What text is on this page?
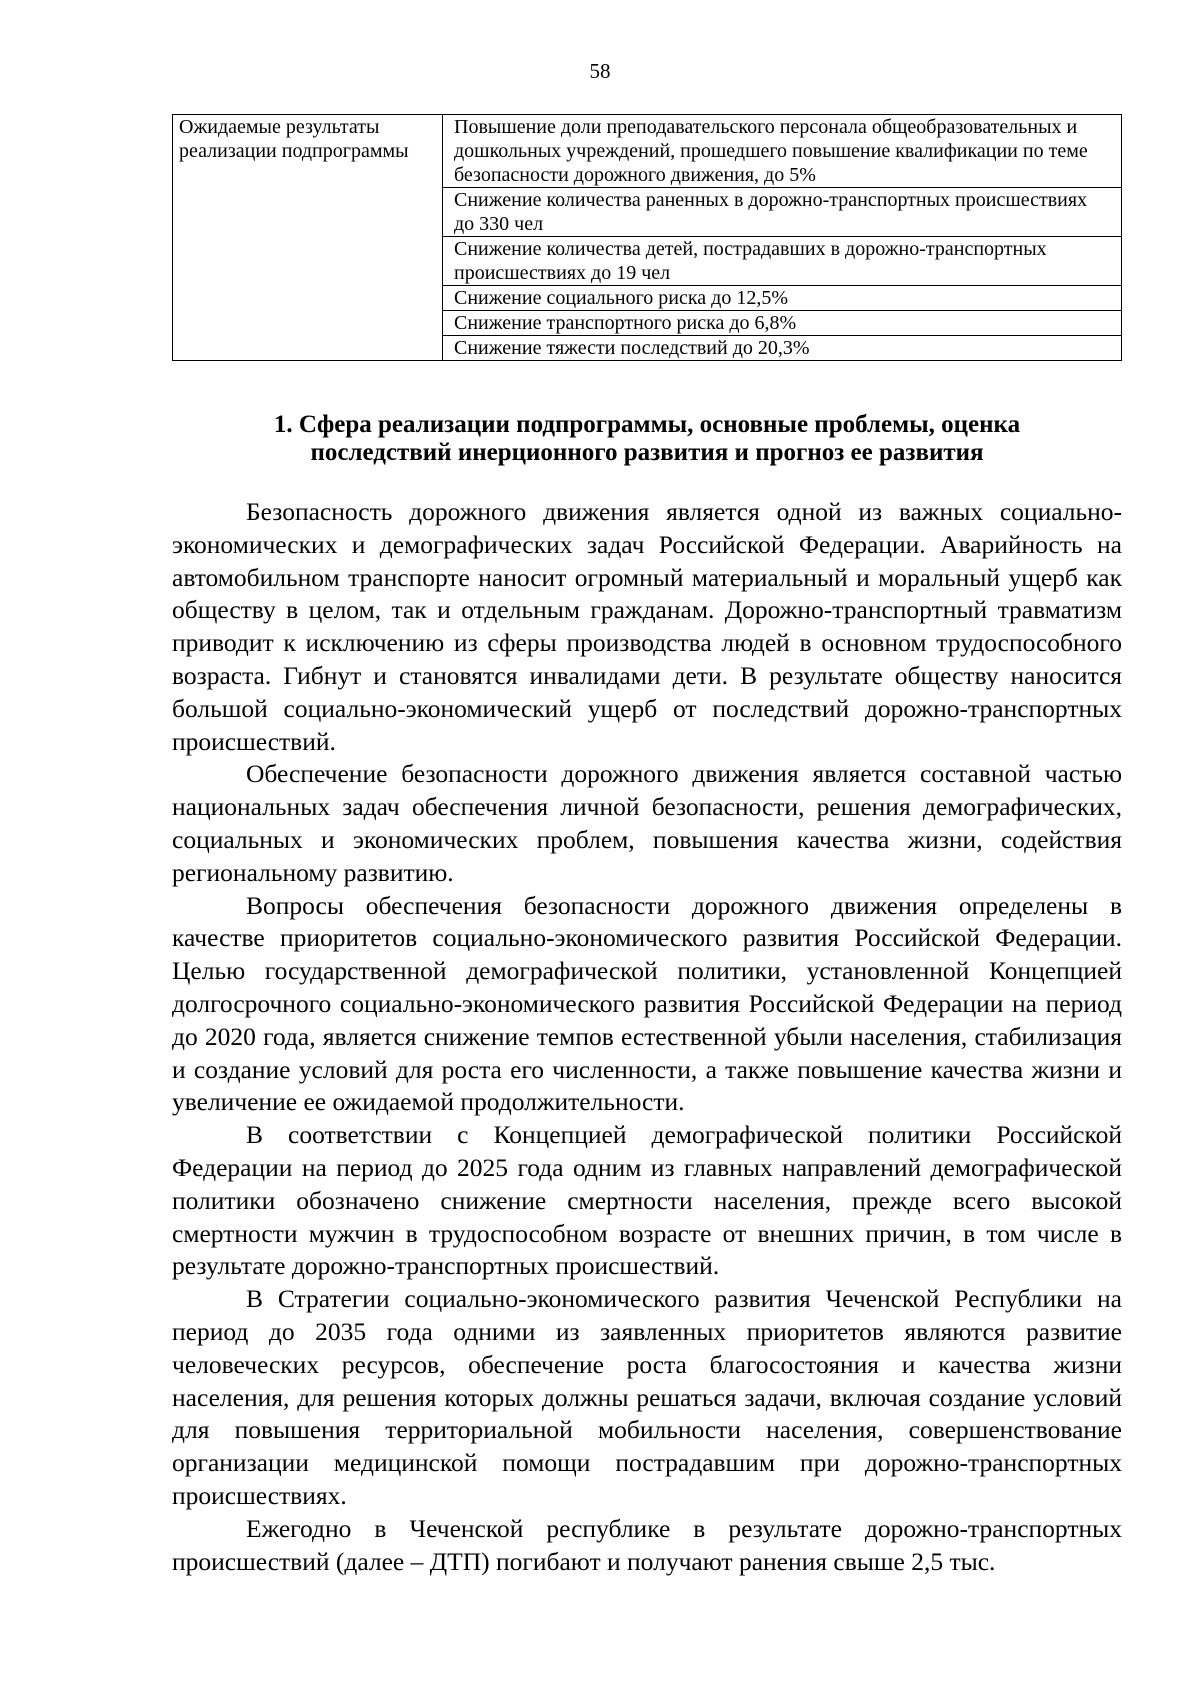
58
Ожидаемые результаты реализации подпрограммы	Повышение доли преподавательского персонала общеобразовательных и дошкольных учреждений, прошедшего повышение квалификации по теме безопасности дорожного движения, до 5%
Снижение количества раненных в дорожно-транспортных происшествиях до 330 чел
Снижение количества детей, пострадавших в дорожно-транспортных происшествиях до 19 чел
Снижение социального риска до 12,5%
Снижение транспортного риска до 6,8%
Снижение тяжести последствий до 20,3%
1. Сфера реализации подпрограммы, основные проблемы, оценка
последствий инерционного развития и прогноз ее развития

Безопасность дорожного движения является одной из важных социально-экономических и демографических задач Российской Федерации. Аварийность на автомобильном транспорте наносит огромный материальный и моральный ущерб как обществу в целом, так и отдельным гражданам. Дорожно-транспортный травматизм приводит к исключению из сферы производства людей в основном трудоспособного возраста. Гибнут и становятся инвалидами дети. В результате обществу наносится большой социально-экономический ущерб от последствий дорожно-транспортных происшествий.

Обеспечение безопасности дорожного движения является составной частью национальных задач обеспечения личной безопасности, решения демографических, социальных и экономических проблем, повышения качества жизни, содействия региональному развитию.

Вопросы обеспечения безопасности дорожного движения определены в качестве приоритетов социально-экономического развития Российской Федерации. Целью государственной демографической политики, установленной Концепцией долгосрочного социально-экономического развития Российской Федерации на период до 2020 года, является снижение темпов естественной убыли населения, стабилизация и создание условий для роста его численности, а также повышение качества жизни и увеличение ее ожидаемой продолжительности.

В соответствии с Концепцией демографической политики Российской Федерации на период до 2025 года одним из главных направлений демографической политики обозначено снижение смертности населения, прежде всего высокой смертности мужчин в трудоспособном возрасте от внешних причин, в том числе в результате дорожно-транспортных происшествий.

В Стратегии социально-экономического развития Чеченской Республики на период до 2035 года одними из заявленных приоритетов являются развитие человеческих ресурсов, обеспечение роста благосостояния и качества жизни населения, для решения которых должны решаться задачи, включая создание условий для повышения территориальной мобильности населения, совершенствование организации медицинской помощи пострадавшим при дорожно-транспортных происшествиях.

Ежегодно в Чеченской республике в результате дорожно-транспортных происшествий (далее – ДТП) погибают и получают ранения свыше 2,5 тыс.
